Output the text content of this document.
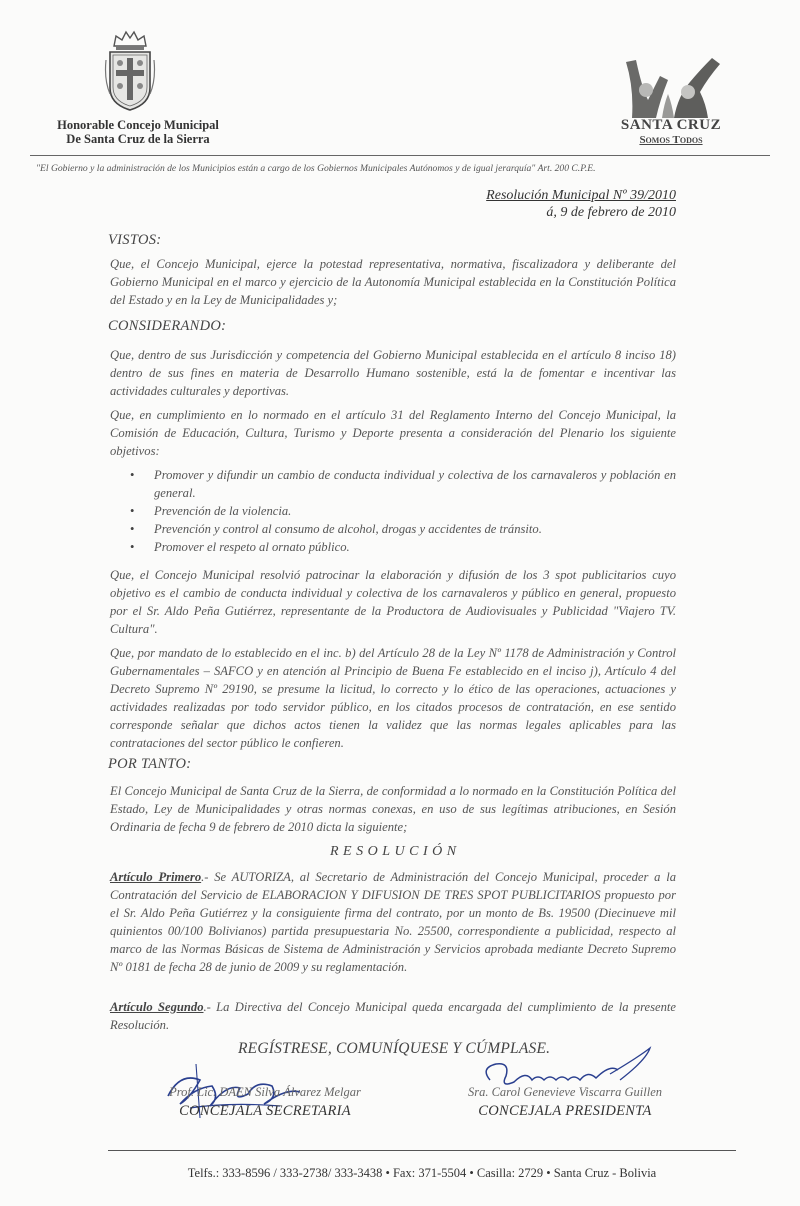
Honorable Concejo Municipal
De Santa Cruz de la Sierra
SANTA CRUZ
Somos Todos
"El Gobierno y la administración de los Municipios están a cargo de los Gobiernos Municipales Autónomos y de igual jerarquía" Art. 200 C.P.E.
Resolución Municipal Nº 39/2010
á, 9 de febrero de 2010
VISTOS:
Que, el Concejo Municipal, ejerce la potestad representativa, normativa, fiscalizadora y deliberante del Gobierno Municipal en el marco y ejercicio de la Autonomía Municipal establecida en la Constitución Política del Estado y en la Ley de Municipalidades y;
CONSIDERANDO:
Que, dentro de sus Jurisdicción y competencia del Gobierno Municipal establecida en el artículo 8 inciso 18) dentro de sus fines en materia de Desarrollo Humano sostenible, está la de fomentar e incentivar las actividades culturales y deportivas.
Que, en cumplimiento en lo normado en el artículo 31 del Reglamento Interno del Concejo Municipal, la Comisión de Educación, Cultura, Turismo y Deporte presenta a consideración del Plenario los siguiente objetivos:
• Promover y difundir un cambio de conducta individual y colectiva de los carnavaleros y población en general.
• Prevención de la violencia.
• Prevención y control al consumo de alcohol, drogas y accidentes de tránsito.
• Promover el respeto al ornato público.
Que, el Concejo Municipal resolvió patrocinar la elaboración y difusión de los 3 spot publicitarios cuyo objetivo es el cambio de conducta individual y colectiva de los carnavaleros y público en general, propuesto por el Sr. Aldo Peña Gutiérrez, representante de la Productora de Audiovisuales y Publicidad "Viajero TV. Cultura".
Que, por mandato de lo establecido en el inc. b) del Artículo 28 de la Ley Nº 1178 de Administración y Control Gubernamentales – SAFCO y en atención al Principio de Buena Fe establecido en el inciso j), Artículo 4 del Decreto Supremo Nº 29190, se presume la licitud, lo correcto y lo ético de las operaciones, actuaciones y actividades realizadas por todo servidor público, en los citados procesos de contratación, en ese sentido corresponde señalar que dichos actos tienen la validez que las normas legales aplicables para las contrataciones del sector público le confieren.
POR TANTO:
El Concejo Municipal de Santa Cruz de la Sierra, de conformidad a lo normado en la Constitución Política del Estado, Ley de Municipalidades y otras normas conexas, en uso de sus legítimas atribuciones, en Sesión Ordinaria de fecha 9 de febrero de 2010 dicta la siguiente;
RESOLUCIÓN
Artículo Primero.- Se AUTORIZA, al Secretario de Administración del Concejo Municipal, proceder a la Contratación del Servicio de ELABORACION Y DIFUSION DE TRES SPOT PUBLICITARIOS propuesto por el Sr. Aldo Peña Gutiérrez y la consiguiente firma del contrato, por un monto de Bs. 19500 (Diecinueve mil quinientos 00/100 Bolivianos) partida presupuestaria No. 25500, correspondiente a publicidad, respecto al marco de las Normas Básicas de Sistema de Administración y Servicios aprobada mediante Decreto Supremo Nº 0181 de fecha 28 de junio de 2009 y su reglamentación.
Artículo Segundo.- La Directiva del Concejo Municipal queda encargada del cumplimiento de la presente Resolución.
REGÍSTRESE, COMUNÍQUESE Y CÚMPLASE.
Prof. Lic. DAEN Silva Álvarez Melgar
CONCEJALA SECRETARIA
Sra. Carol Genevieve Viscarra Guillen
CONCEJALA PRESIDENTA
Telfs.: 333-8596 / 333-2738/ 333-3438 • Fax: 371-5504 • Casilla: 2729 • Santa Cruz - Bolivia
